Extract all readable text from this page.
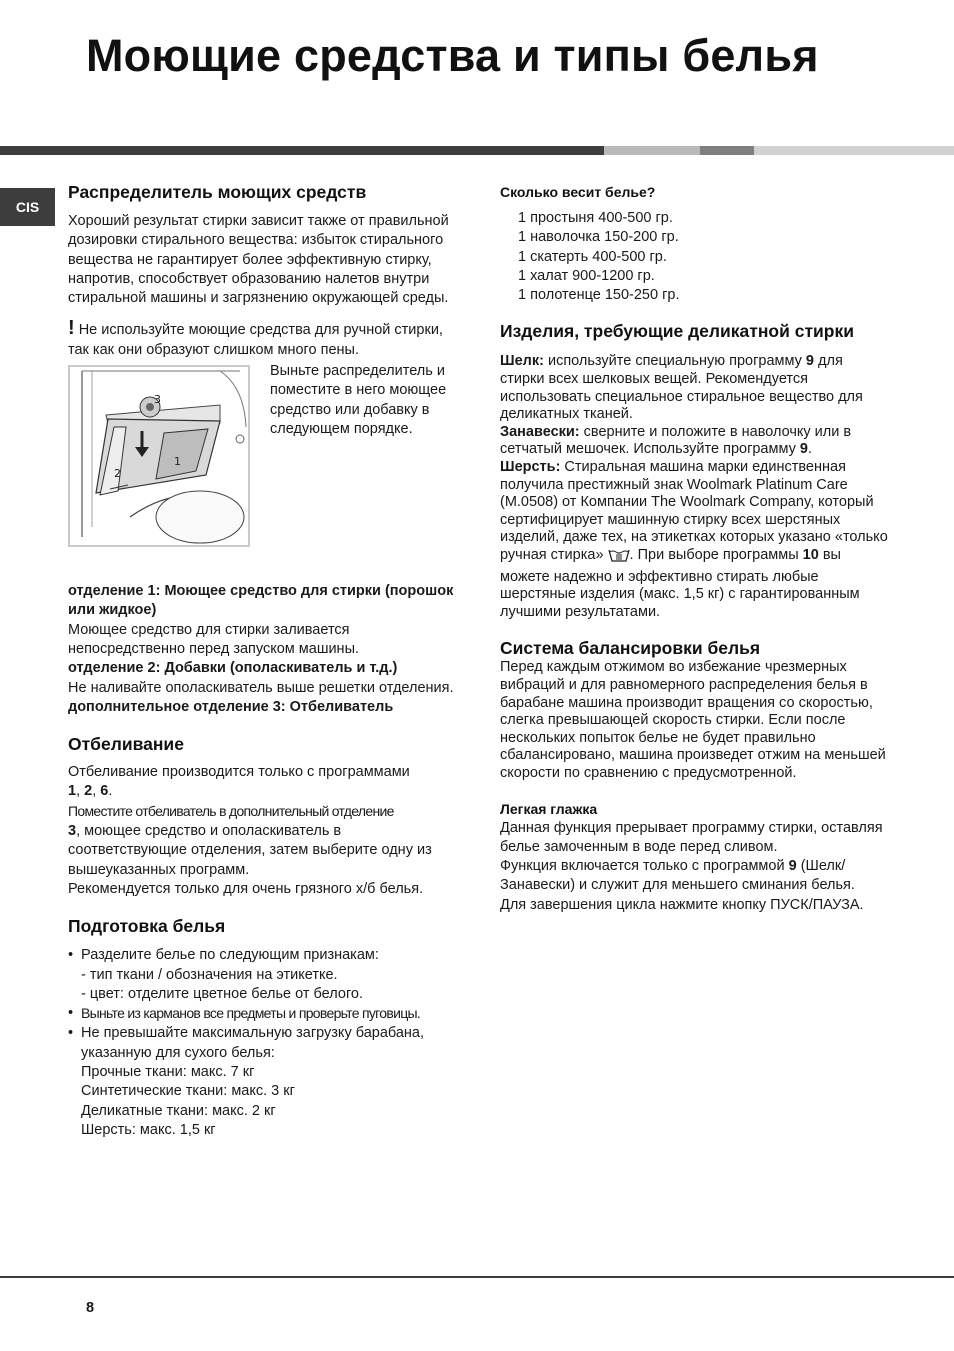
Моющие средства и типы белья
CIS
Распределитель моющих средств

Хороший результат стирки зависит также от правильной дозировки стирального вещества: избыток стирального вещества не гарантирует более эффективную стирку, напротив, способствует образованию налетов внутри стиральной машины и загрязнению окружающей среды.

! Не используйте моющие средства для ручной стирки, так как они образуют слишком много пены.

3
2
1

Выньте распределитель и поместите в него моющее средство или добавку в следующем порядке.

отделение 1: Моющее средство для стирки (порошок или жидкое)

Моющее средство для стирки заливается непосредственно перед запуском машины.

отделение 2: Добавки (ополаскиватель и т.д.)

Не наливайте ополаскиватель выше решетки отделения.

дополнительное отделение 3: Отбеливатель

Отбеливание

Отбеливание производится только с программами

1, 2, 6.

Поместите отбеливатель в дополнительный отделение
3, моющее средство и ополаскиватель в соответствующие отделения, затем выберите одну из вышеуказанных программ.

Рекомендуется только для очень грязного х/б белья.

Подготовка белья
• Разделите белье по следующим признакам:
- тип ткани / обозначения на этикетке.
- цвет: отделите цветное белье от белого.
• Выньте из карманов все предметы и проверьте пуговицы.
• Не превышайте максимальную загрузку барабана, указанную для сухого белья:
Прочные ткани: макс. 7 кг
Синтетические ткани: макс. 3 кг
Деликатные ткани: макс. 2 кг
Шерсть: макс. 1,5 кг
Сколько весит белье?

1 простыня 400-500 гр.

1 наволочка 150-200 гр.

1 скатерть 400-500 гр.

1 халат 900-1200 гр.

1 полотенце 150-250 гр.

Изделия, требующие деликатной стирки

Шелк: используйте специальную программу 9 для стирки всех шелковых вещей. Рекомендуется использовать специальное стиральное вещество для деликатных тканей.

Занавески: сверните и положите в наволочку или в сетчатый мешочек. Используйте программу 9.

Шерсть: Стиральная машина марки единственная получила престижный знак Woolmark Platinum Care (M.0508) от Компании The Woolmark Company, который сертифицирует машинную стирку всех шерстяных изделий, даже тех, на этикетках которых указано «только ручная стирка» . При выборе программы 10 вы можете надежно и эффективно стирать любые шерстяные изделия (макс. 1,5 кг) с гарантированным лучшими результатами.

Система балансировки белья

Перед каждым отжимом во избежание чрезмерных вибраций и для равномерного распределения белья в барабане машина производит вращения со скоростью, слегка превышающей скорость стирки. Если после нескольких попыток белье не будет правильно сбалансировано, машина произведет отжим на меньшей скорости по сравнению с предусмотренной.

Легкая глажка

Данная функция прерывает программу стирки, оставляя белье замоченным в воде перед сливом.

Функция включается только с программой 9 (Шелк/Занавески) и служит для меньшего сминания белья.

Для завершения цикла нажмите кнопку ПУСК/ПАУЗА.

8
